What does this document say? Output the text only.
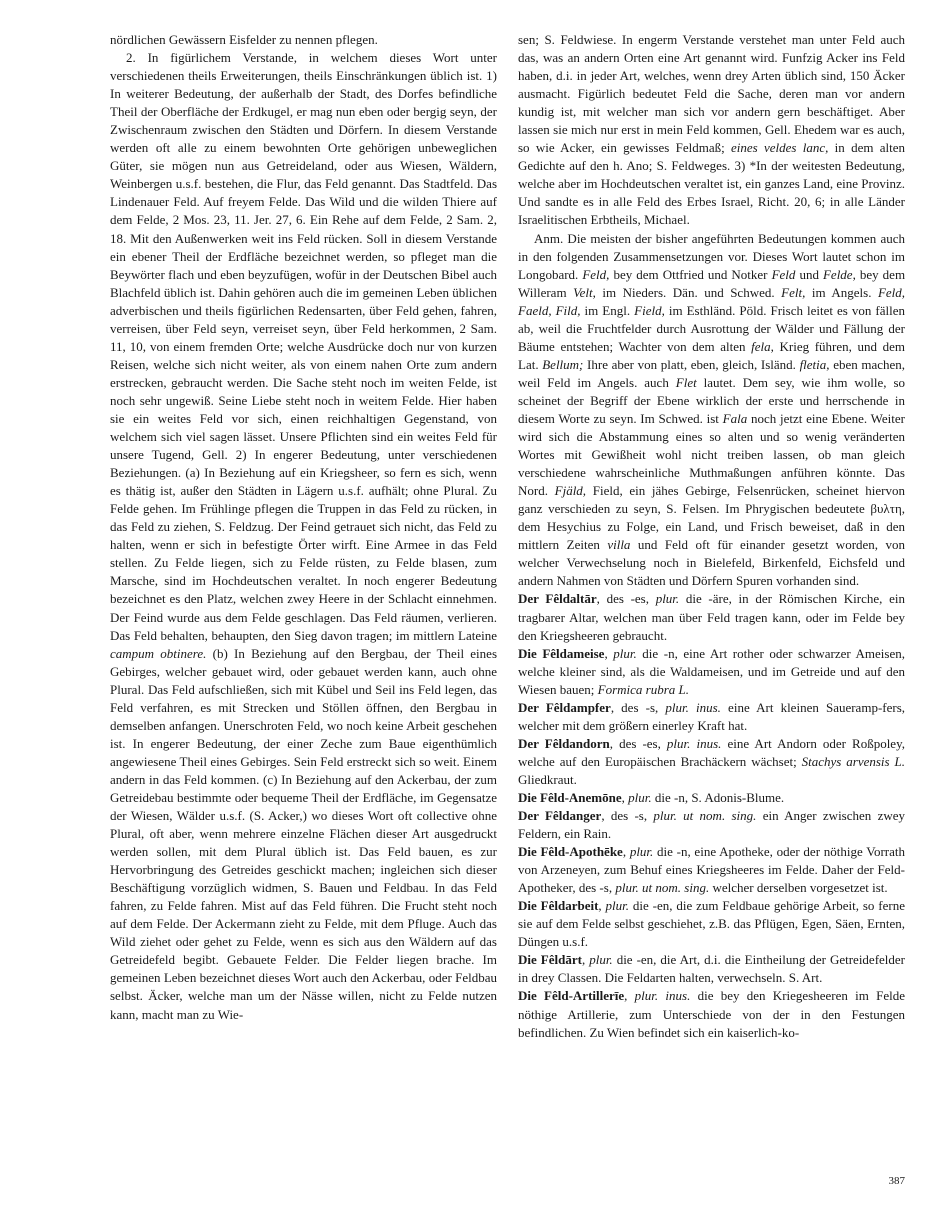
nördlichen Gewässern Eisfelder zu nennen pflegen.

2. In figürlichem Verstande, in welchem dieses Wort unter verschiedenen theils Erweiterungen, theils Einschränkungen üblich ist. 1) In weiterer Bedeutung, der außerhalb der Stadt, des Dorfes befindliche Theil der Oberfläche der Erdkugel, er mag nun eben oder bergig seyn, der Zwischenraum zwischen den Städten und Dörfern. In diesem Verstande werden oft alle zu einem bewohnten Orte gehörigen unbeweglichen Güter, sie mögen nun aus Getreideland, oder aus Wiesen, Wäldern, Weinbergen u.s.f. bestehen, die Flur, das Feld genannt. Das Stadtfeld. Das Lindenauer Feld. Auf freyem Felde. Das Wild und die wilden Thiere auf dem Felde, 2 Mos. 23, 11. Jer. 27, 6. Ein Rehe auf dem Felde, 2 Sam. 2, 18. Mit den Außenwerken weit ins Feld rücken. Soll in diesem Verstande ein ebener Theil der Erdfläche bezeichnet werden, so pfleget man die Beywörter flach und eben beyzufügen, wofür in der Deutschen Bibel auch Blachfeld üblich ist. Dahin gehören auch die im gemeinen Leben üblichen adverbischen und theils figürlichen Redensarten, über Feld gehen, fahren, verreisen, über Feld seyn, verreiset seyn, über Feld herkommen, 2 Sam. 11, 10, von einem fremden Orte; welche Ausdrücke doch nur von kurzen Reisen, welche sich nicht weiter, als von einem nahen Orte zum andern erstrecken, gebraucht werden. Die Sache steht noch im weiten Felde, ist noch sehr ungewiß. Seine Liebe steht noch in weitem Felde. Hier haben sie ein weites Feld vor sich, einen reichhaltigen Gegenstand, von welchem sich viel sagen lässet. Unsere Pflichten sind ein weites Feld für unsere Tugend, Gell. 2) In engerer Bedeutung, unter verschiedenen Beziehungen. (a) In Beziehung auf ein Kriegsheer, so fern es sich, wenn es thätig ist, außer den Städten in Lägern u.s.f. aufhält; ohne Plural. Zu Felde gehen. Im Frühlinge pflegen die Truppen in das Feld zu rücken, in das Feld zu ziehen, S. Feldzug. Der Feind getrauet sich nicht, das Feld zu halten, wenn er sich in befestigte Örter wirft. Eine Armee in das Feld stellen. Zu Felde liegen, sich zu Felde rüsten, zu Felde blasen, zum Marsche, sind im Hochdeutschen veraltet. In noch engerer Bedeutung bezeichnet es den Platz, welchen zwey Heere in der Schlacht einnehmen. Der Feind wurde aus dem Felde geschlagen. Das Feld räumen, verlieren. Das Feld behalten, behaupten, den Sieg davon tragen; im mittlern Lateine campum obtinere. (b) In Beziehung auf den Bergbau, der Theil eines Gebirges, welcher gebauet wird, oder gebauet werden kann, auch ohne Plural. Das Feld aufschließen, sich mit Kübel und Seil ins Feld legen, das Feld verfahren, es mit Strecken und Stöllen öffnen, den Bergbau in demselben anfangen. Unerschroten Feld, wo noch keine Arbeit geschehen ist. In engerer Bedeutung, der einer Zeche zum Baue eigenthümlich angewiesene Theil eines Gebirges. Sein Feld erstreckt sich so weit. Einem andern in das Feld kommen. (c) In Beziehung auf den Ackerbau, der zum Getreidebau bestimmte oder bequeme Theil der Erdfläche, im Gegensatze der Wiesen, Wälder u.s.f. (S. Acker,) wo dieses Wort oft collective ohne Plural, oft aber, wenn mehrere einzelne Flächen dieser Art ausgedruckt werden sollen, mit dem Plural üblich ist. Das Feld bauen, es zur Hervorbringung des Getreides geschickt machen; ingleichen sich dieser Beschäftigung vorzüglich widmen, S. Bauen und Feldbau. In das Feld fahren, zu Felde fahren. Mist auf das Feld führen. Die Frucht steht noch auf dem Felde. Der Ackermann zieht zu Felde, mit dem Pfluge. Auch das Wild ziehet oder gehet zu Felde, wenn es sich aus den Wäldern auf das Getreidefeld begibt. Gebauete Felder. Die Felder liegen brache. Im gemeinen Leben bezeichnet dieses Wort auch den Ackerbau, oder Feldbau selbst. Äcker, welche man um der Nässe willen, nicht zu Felde nutzen kann, macht man zu Wie-

sen; S. Feldwiese. In engerm Verstande verstehet man unter Feld auch das, was an andern Orten eine Art genannt wird. Funfzig Acker ins Feld haben, d.i. in jeder Art, welches, wenn drey Arten üblich sind, 150 Äcker ausmacht. Figürlich bedeutet Feld die Sache, deren man vor andern kundig ist, mit welcher man sich vor andern gern beschäftiget. Aber lassen sie mich nur erst in mein Feld kommen, Gell. Ehedem war es auch, so wie Acker, ein gewisses Feldmaß; eines veldes lanc, in dem alten Gedichte auf den h. Ano; S. Feldweges. 3) *In der weitesten Bedeutung, welche aber im Hochdeutschen veraltet ist, ein ganzes Land, eine Provinz. Und sandte es in alle Feld des Erbes Israel, Richt. 20, 6; in alle Länder Israelitischen Erbtheils, Michael.

Anm. Die meisten der bisher angeführten Bedeutungen kommen auch in den folgenden Zusammensetzungen vor. Dieses Wort lautet schon im Longobard. Feld, bey dem Ottfried und Notker Feld und Felde, bey dem Willeram Velt, im Nieders. Dän. und Schwed. Felt, im Angels. Feld, Faeld, Fild, im Engl. Field, im Esthländ. Pöld. Frisch leitet es von fällen ab, weil die Fruchtfelder durch Ausrottung der Wälder und Fällung der Bäume entstehen; Wachter von dem alten fela, Krieg führen, und dem Lat. Bellum; Ihre aber von platt, eben, gleich, Isländ. fletia, eben machen, weil Feld im Angels. auch Flet lautet. Dem sey, wie ihm wolle, so scheinet der Begriff der Ebene wirklich der erste und herrschende in diesem Worte zu seyn. Im Schwed. ist Fala noch jetzt eine Ebene. Weiter wird sich die Abstammung eines so alten und so wenig veränderten Wortes mit Gewißheit wohl nicht treiben lassen, ob man gleich verschiedene wahrscheinliche Muthmaßungen anführen könnte. Das Nord. Fjäld, Field, ein jähes Gebirge, Felsenrücken, scheinet hiervon ganz verschieden zu seyn, S. Felsen. Im Phrygischen bedeutete βυλτη, dem Hesychius zu Folge, ein Land, und Frisch beweiset, daß in den mittlern Zeiten villa und Feld oft für einander gesetzt worden, von welcher Verwechselung noch in Bielefeld, Birkenfeld, Eichsfeld und andern Nahmen von Städten und Dörfern Spuren vorhanden sind.

Der Fêldaltār, des -es, plur. die -äre, in der Römischen Kirche, ein tragbarer Altar, welchen man über Feld tragen kann, oder im Felde bey den Kriegsheeren gebraucht.

Die Fêldameise, plur. die -n, eine Art rother oder schwarzer Ameisen, welche kleiner sind, als die Waldameisen, und im Getreide und auf den Wiesen bauen; Formica rubra L.

Der Fêldampfer, des -s, plur. inus. eine Art kleinen Saueramp-fers, welcher mit dem größern einerley Kraft hat.

Der Fêldandorn, des -es, plur. inus. eine Art Andorn oder Roßpoley, welche auf den Europäischen Brachäckern wächset; Stachys arvensis L. Gliedkraut.

Die Fêld-Anemōne, plur. die -n, S. Adonis-Blume.

Der Fêldanger, des -s, plur. ut nom. sing. ein Anger zwischen zwey Feldern, ein Rain.

Die Fêld-Apothēke, plur. die -n, eine Apotheke, oder der nöthige Vorrath von Arzeneyen, zum Behuf eines Kriegsheeres im Felde. Daher der Feld-Apotheker, des -s, plur. ut nom. sing. welcher derselben vorgesetzet ist.

Die Fêldarbeit, plur. die -en, die zum Feldbaue gehörige Arbeit, so ferne sie auf dem Felde selbst geschiehet, z.B. das Pflügen, Egen, Säen, Ernten, Düngen u.s.f.

Die Fêldārt, plur. die -en, die Art, d.i. die Eintheilung der Getreidefelder in drey Classen. Die Feldarten halten, verwechseln. S. Art.

Die Fêld-Artillerīe, plur. inus. die bey den Kriegesheeren im Felde nöthige Artillerie, zum Unterschiede von der in den Festungen befindlichen. Zu Wien befindet sich ein kaiserlich-ko-

387
